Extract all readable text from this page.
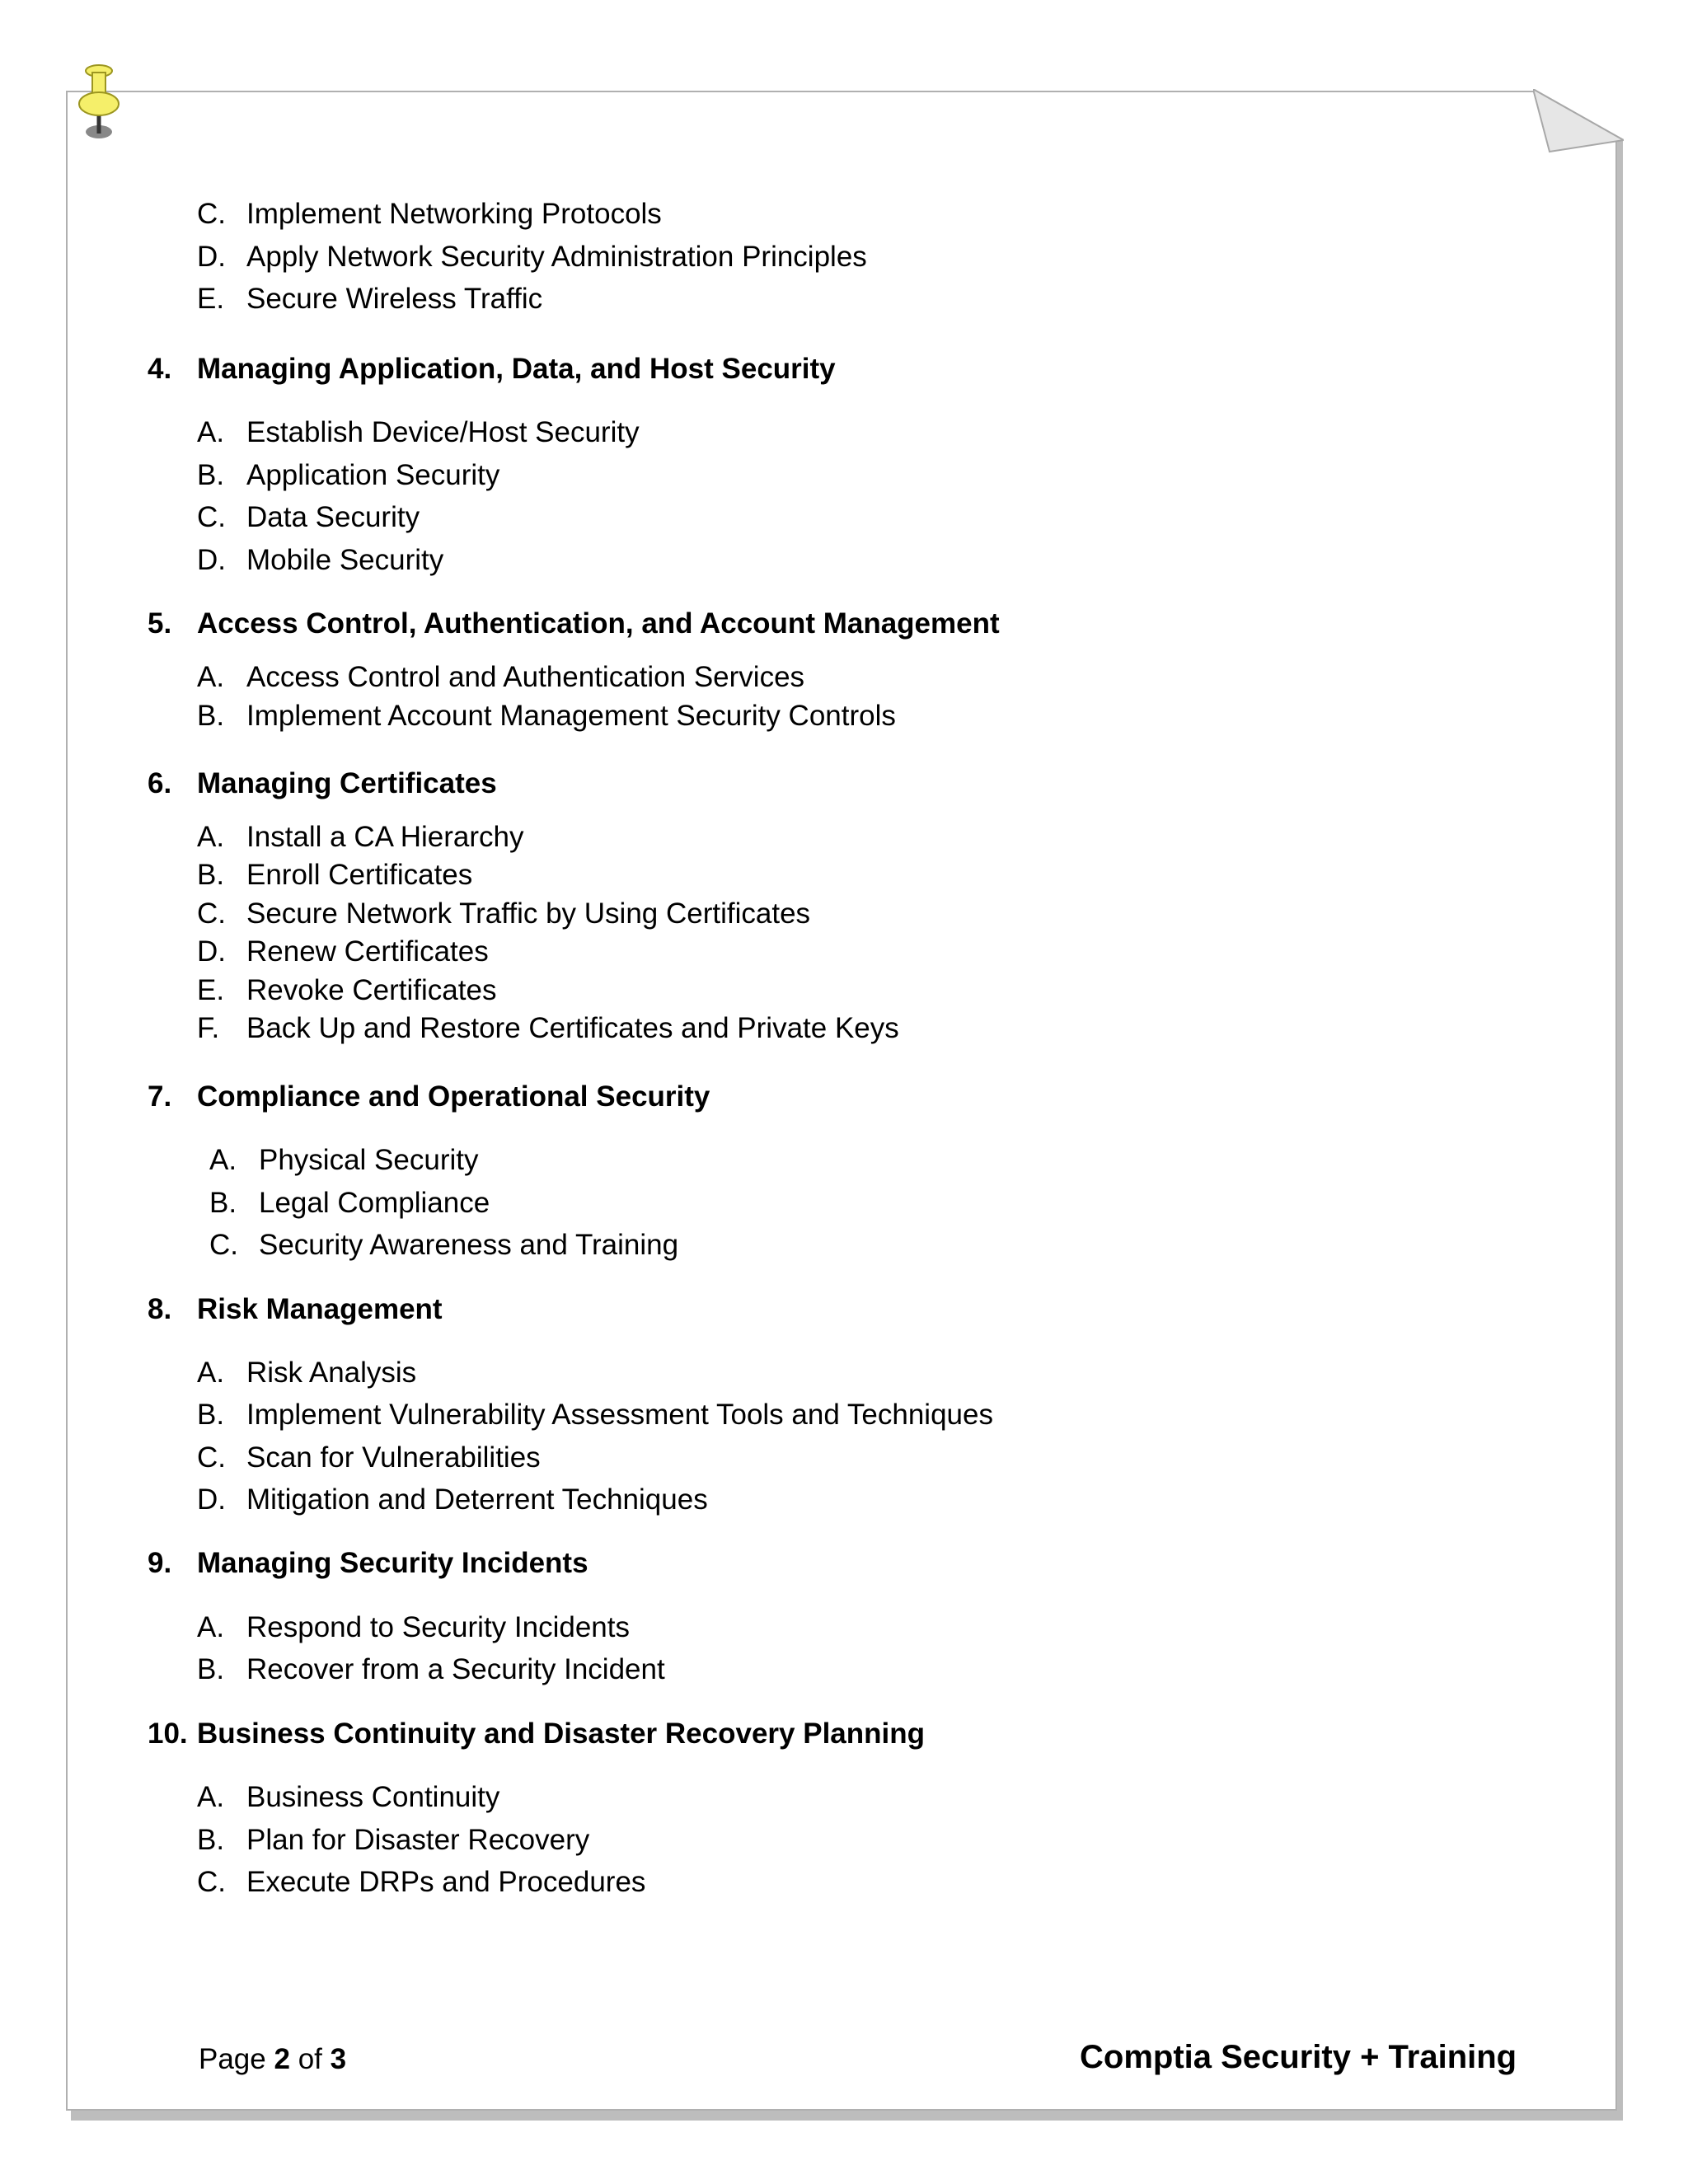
C. Implement Networking Protocols
D. Apply Network Security Administration Principles
E. Secure Wireless Traffic
4. Managing Application, Data, and Host Security
A. Establish Device/Host Security
B. Application Security
C. Data Security
D. Mobile Security
5. Access Control, Authentication, and Account Management
A. Access Control and Authentication Services
B. Implement Account Management Security Controls
6. Managing Certificates
A. Install a CA Hierarchy
B. Enroll Certificates
C. Secure Network Traffic by Using Certificates
D. Renew Certificates
E. Revoke Certificates
F. Back Up and Restore Certificates and Private Keys
7. Compliance and Operational Security
A. Physical Security
B. Legal Compliance
C. Security Awareness and Training
8. Risk Management
A. Risk Analysis
B. Implement Vulnerability Assessment Tools and Techniques
C. Scan for Vulnerabilities
D. Mitigation and Deterrent Techniques
9. Managing Security Incidents
A. Respond to Security Incidents
B. Recover from a Security Incident
10. Business Continuity and Disaster Recovery Planning
A. Business Continuity
B. Plan for Disaster Recovery
C. Execute DRPs and Procedures
Page 2 of 3	Comptia Security + Training
